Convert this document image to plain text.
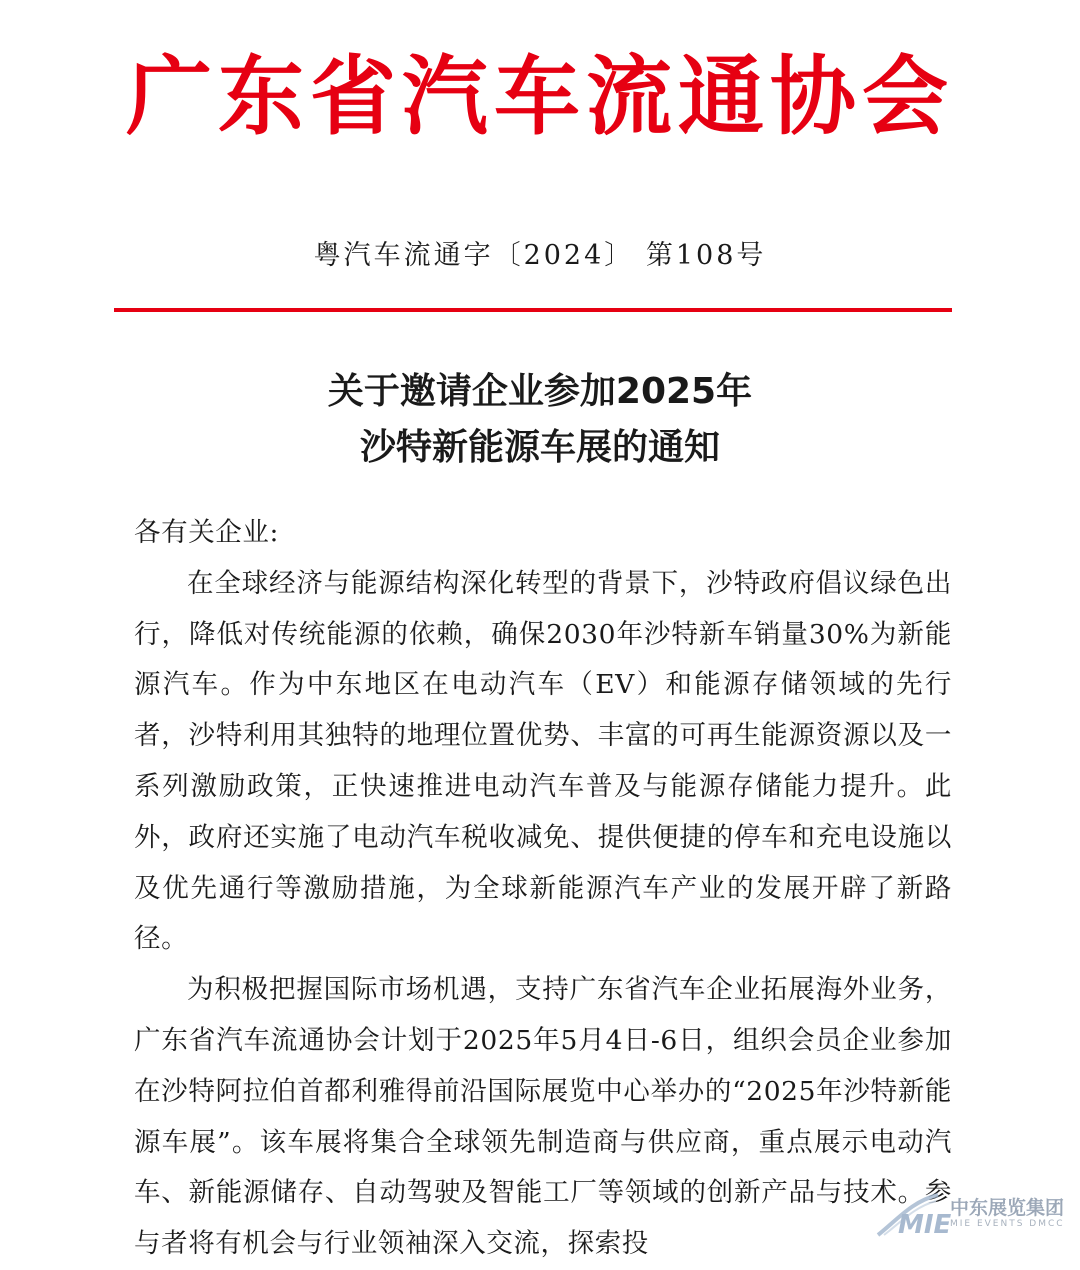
广东省汽车流通协会
粤汽车流通字〔2024〕 第108号
关于邀请企业参加2025年
沙特新能源车展的通知

各有关企业:

在全球经济与能源结构深化转型的背景下，沙特政府倡议绿色出行，降低对传统能源的依赖，确保2030年沙特新车销量30%为新能源汽车。作为中东地区在电动汽车（EV）和能源存储领域的先行者，沙特利用其独特的地理位置优势、丰富的可再生能源资源以及一系列激励政策，正快速推进电动汽车普及与能源存储能力提升。此外，政府还实施了电动汽车税收减免、提供便捷的停车和充电设施以及优先通行等激励措施，为全球新能源汽车产业的发展开辟了新路径。

为积极把握国际市场机遇，支持广东省汽车企业拓展海外业务，广东省汽车流通协会计划于2025年5月4日-6日，组织会员企业参加在沙特阿拉伯首都利雅得前沿国际展览中心举办的“2025年沙特新能源车展”。该车展将集合全球领先制造商与供应商，重点展示电动汽车、新能源储存、自动驾驶及智能工厂等领域的创新产品与技术。参与者将有机会与行业领袖深入交流，探索投

MIE
中东展览集团
MIE EVENTS DMCC
